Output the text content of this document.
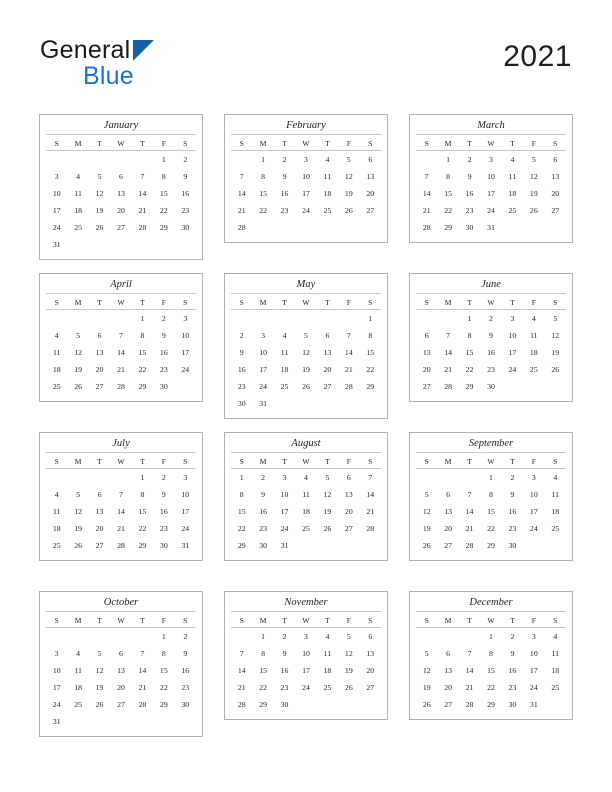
General
Blue
2021
January
S	M	T	W	T	F	S
					1	2
3	4	5	6	7	8	9
10	11	12	13	14	15	16
17	18	19	20	21	22	23
24	25	26	27	28	29	30
31						
February
S	M	T	W	T	F	S
	1	2	3	4	5	6
7	8	9	10	11	12	13
14	15	16	17	18	19	20
21	22	23	24	25	26	27
28						
March
S	M	T	W	T	F	S
	1	2	3	4	5	6
7	8	9	10	11	12	13
14	15	16	17	18	19	20
21	22	23	24	25	26	27
28	29	30	31			
April
S	M	T	W	T	F	S
				1	2	3
4	5	6	7	8	9	10
11	12	13	14	15	16	17
18	19	20	21	22	23	24
25	26	27	28	29	30	
May
S	M	T	W	T	F	S
						1
2	3	4	5	6	7	8
9	10	11	12	13	14	15
16	17	18	19	20	21	22
23	24	25	26	27	28	29
30	31					
June
S	M	T	W	T	F	S
		1	2	3	4	5
6	7	8	9	10	11	12
13	14	15	16	17	18	19
20	21	22	23	24	25	26
27	28	29	30			
July
S	M	T	W	T	F	S
				1	2	3
4	5	6	7	8	9	10
11	12	13	14	15	16	17
18	19	20	21	22	23	24
25	26	27	28	29	30	31
August
S	M	T	W	T	F	S
1	2	3	4	5	6	7
8	9	10	11	12	13	14
15	16	17	18	19	20	21
22	23	24	25	26	27	28
29	30	31				
September
S	M	T	W	T	F	S
			1	2	3	4
5	6	7	8	9	10	11
12	13	14	15	16	17	18
19	20	21	22	23	24	25
26	27	28	29	30		
October
S	M	T	W	T	F	S
					1	2
3	4	5	6	7	8	9
10	11	12	13	14	15	16
17	18	19	20	21	22	23
24	25	26	27	28	29	30
31						
November
S	M	T	W	T	F	S
	1	2	3	4	5	6
7	8	9	10	11	12	13
14	15	16	17	18	19	20
21	22	23	24	25	26	27
28	29	30				
December
S	M	T	W	T	F	S
			1	2	3	4
5	6	7	8	9	10	11
12	13	14	15	16	17	18
19	20	21	22	23	24	25
26	27	28	29	30	31	
